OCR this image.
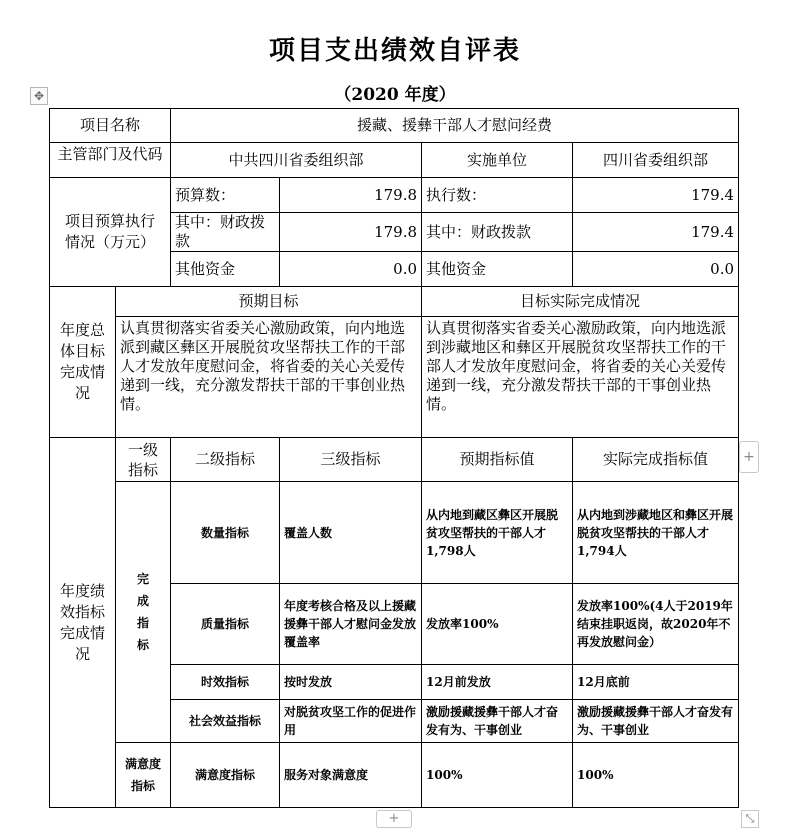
项目支出绩效自评表
（2020 年度）
✥
项目名称		援藏、援彝干部人才慰问经费			
主管部门及代码		中共四川省委组织部		实施单位	四川省委组织部
项目预算执行情况（万元）		预算数：	179.8	执行数：	179.4
		其中：财政拨款	179.8	其中：财政拨款	179.4
		其他资金	0.0	其他资金	0.0
年度总体目标完成情况	预期目标			目标实际完成情况	
	认真贯彻落实省委关心激励政策，向内地选派到藏区彝区开展脱贫攻坚帮扶工作的干部人才发放年度慰问金，将省委的关心关爱传递到一线，充分激发帮扶干部的干事创业热情。			认真贯彻落实省委关心激励政策，向内地选派到涉藏地区和彝区开展脱贫攻坚帮扶工作的干部人才发放年度慰问金，将省委的关心关爱传递到一线，充分激发帮扶干部的干事创业热情。	
年度绩效指标完成情况	一级指标	二级指标	三级指标	预期指标值	实际完成指标值
	完成指标	数量指标	覆盖人数	从内地到藏区彝区开展脱贫攻坚帮扶的干部人才1,798人	从内地到涉藏地区和彝区开展脱贫攻坚帮扶的干部人才1,794人
		质量指标	年度考核合格及以上援藏援彝干部人才慰问金发放覆盖率	发放率100%	发放率100%(4人于2019年结束挂职返岗，故2020年不再发放慰问金）
		时效指标	按时发放	12月前发放	12月底前
		社会效益指标	对脱贫攻坚工作的促进作用	激励援藏援彝干部人才奋发有为、干事创业	激励援藏援彝干部人才奋发有为、干事创业
	满意度指标	满意度指标	服务对象满意度	100%	100%
+
+	⤡
